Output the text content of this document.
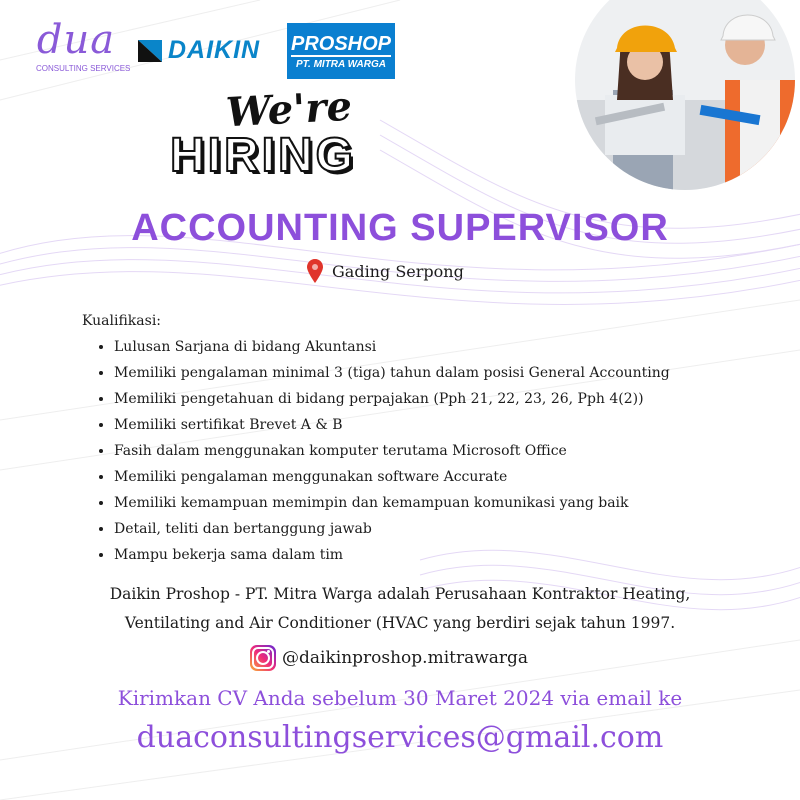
dua
CONSULTING SERVICES
DAIKIN PROSHOP
PT. MITRA WARGA
We're
HIRING
ACCOUNTING SUPERVISOR
Gading Serpong
Kualifikasi:
• Lulusan Sarjana di bidang Akuntansi
• Memiliki pengalaman minimal 3 (tiga) tahun dalam posisi General Accounting
• Memiliki pengetahuan di bidang perpajakan (Pph 21, 22, 23, 26, Pph 4(2))
• Memiliki sertifikat Brevet A & B
• Fasih dalam menggunakan komputer terutama Microsoft Office
• Memiliki pengalaman menggunakan software Accurate
• Memiliki kemampuan memimpin dan kemampuan komunikasi yang baik
• Detail, teliti dan bertanggung jawab
• Mampu bekerja sama dalam tim
Daikin Proshop - PT. Mitra Warga adalah Perusahaan Kontraktor Heating,
Ventilating and Air Conditioner (HVAC yang berdiri sejak tahun 1997.
@daikinproshop.mitrawarga
Kirimkan CV Anda sebelum 30 Maret 2024 via email ke
duaconsultingservices@gmail.com
